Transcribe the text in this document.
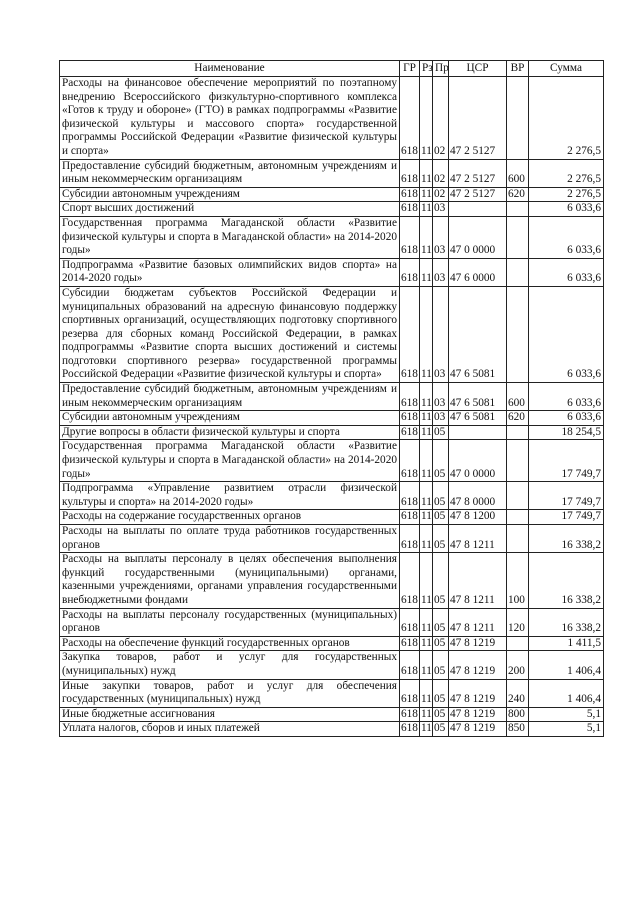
Наименование	ГР	Рз	Пр	ЦСР	ВР	Сумма
Расходы на финансовое обеспечение мероприятий по поэтапному внедрению Всероссийского физкультурно-спортивного комплекса «Готов к труду и обороне» (ГТО) в рамках подпрограммы «Развитие физической культуры и массового спорта» государственной программы Российской Федерации «Развитие физической культуры и спорта»	618	11	02	47 2 5127		2 276,5
Предоставление субсидий бюджетным, автономным учреждениям и иным некоммерческим организациям	618	11	02	47 2 5127	600	2 276,5
Субсидии автономным учреждениям	618	11	02	47 2 5127	620	2 276,5
Спорт высших достижений	618	11	03			6 033,6
Государственная программа Магаданской области «Развитие физической культуры и спорта в Магаданской области» на 2014-2020 годы»	618	11	03	47 0 0000		6 033,6
Подпрограмма «Развитие базовых олимпийских видов спорта» на 2014-2020 годы»	618	11	03	47 6 0000		6 033,6
Субсидии бюджетам субъектов Российской Федерации и муниципальных образований на адресную финансовую поддержку спортивных организаций, осуществляющих подготовку спортивного резерва для сборных команд Российской Федерации, в рамках подпрограммы «Развитие спорта высших достижений и системы подготовки спортивного резерва» государственной программы Российской Федерации «Развитие физической культуры и спорта»	618	11	03	47 6 5081		6 033,6
Предоставление субсидий бюджетным, автономным учреждениям и иным некоммерческим организациям	618	11	03	47 6 5081	600	6 033,6
Субсидии автономным учреждениям	618	11	03	47 6 5081	620	6 033,6
Другие вопросы в области физической культуры и спорта	618	11	05			18 254,5
Государственная программа Магаданской области «Развитие физической культуры и спорта в Магаданской области» на 2014-2020 годы»	618	11	05	47 0 0000		17 749,7
Подпрограмма «Управление развитием отрасли физической культуры и спорта» на 2014-2020 годы»	618	11	05	47 8 0000		17 749,7
Расходы на содержание государственных органов	618	11	05	47 8 1200		17 749,7
Расходы на выплаты по оплате труда работников государственных органов	618	11	05	47 8 1211		16 338,2
Расходы на выплаты персоналу в целях обеспечения выполнения функций государственными (муниципальными) органами, казенными учреждениями, органами управления государственными внебюджетными фондами	618	11	05	47 8 1211	100	16 338,2
Расходы на выплаты персоналу государственных (муниципальных) органов	618	11	05	47 8 1211	120	16 338,2
Расходы на обеспечение функций государственных органов	618	11	05	47 8 1219		1 411,5
Закупка товаров, работ и услуг для государственных (муниципальных) нужд	618	11	05	47 8 1219	200	1 406,4
Иные закупки товаров, работ и услуг для обеспечения государственных (муниципальных) нужд	618	11	05	47 8 1219	240	1 406,4
Иные бюджетные ассигнования	618	11	05	47 8 1219	800	5,1
Уплата налогов, сборов и иных платежей	618	11	05	47 8 1219	850	5,1
